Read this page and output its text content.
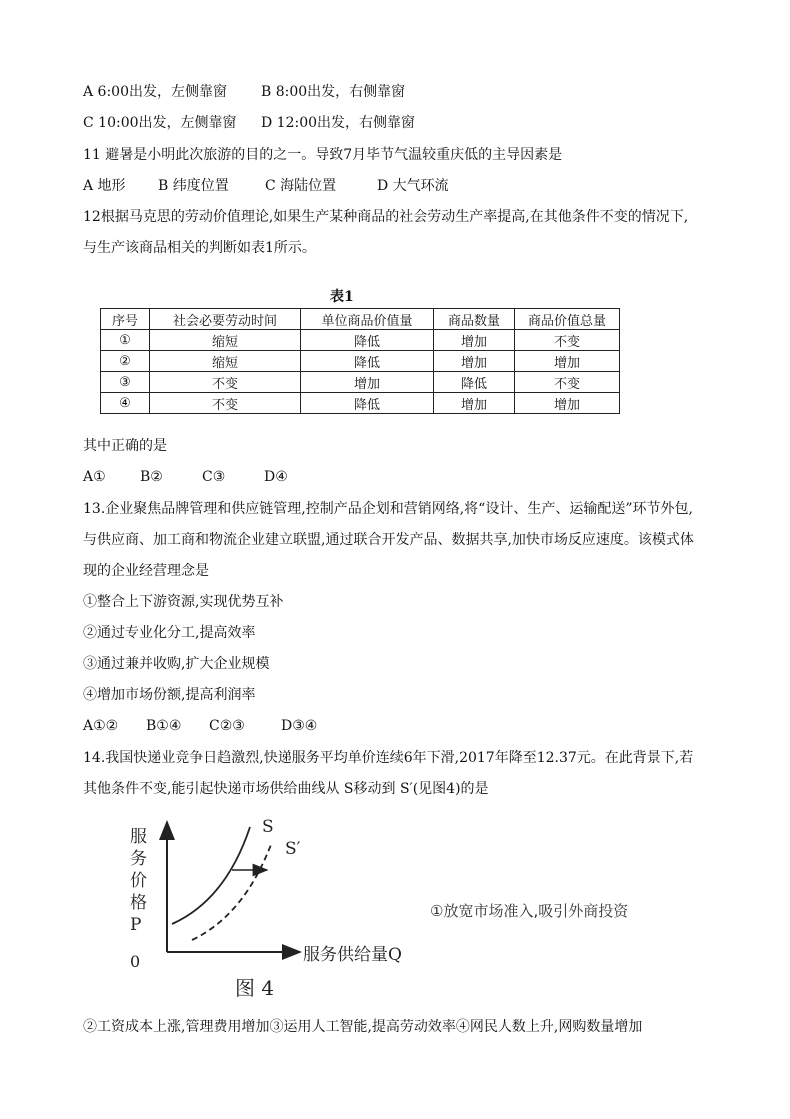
A 6:00出发，左侧靠窗 B 8:00出发，右侧靠窗
C 10:00出发，左侧靠窗 D 12:00出发，右侧靠窗
11 避暑是小明此次旅游的目的之一。导致7月毕节气温较重庆低的主导因素是
A 地形 B 纬度位置	C 海陆位置	D 大气环流
12根据马克思的劳动价值理论,如果生产某种商品的社会劳动生产率提高,在其他条件不变的情况下,
与生产该商品相关的判断如表1所示。
表1
序号	社会必要劳动时间	单位商品价值量	商品数量	商品价值总量
①	缩短	降低	增加	不变
②	缩短	降低	增加	增加
③	不变	增加	降低	不变
④	不变	降低	增加	增加
其中正确的是
A① B②	C③	D④
13.企业聚焦品牌管理和供应链管理,控制产品企划和营销网络,将“设计、生产、运输配送”环节外包,
与供应商、加工商和物流企业建立联盟,通过联合开发产品、数据共享,加快市场反应速度。该模式体
现的企业经营理念是
①整合上下游资源,实现优势互补
②通过专业化分工,提高效率
③通过兼并收购,扩大企业规模
④增加市场份额,提高利润率
A①② B①④ C②③	D③④
14.我国快递业竞争日趋激烈,快递服务平均单价连续6年下滑,2017年降至12.37元。在此背景下,若
其他条件不变,能引起快递市场供给曲线从 S移动到 S′(见图4)的是
服务价格 P
S
S′
0	服务供给量Q
图 4
①放宽市场准入,吸引外商投资
②工资成本上涨,管理费用增加③运用人工智能,提高劳动效率④网民人数上升,网购数量增加
